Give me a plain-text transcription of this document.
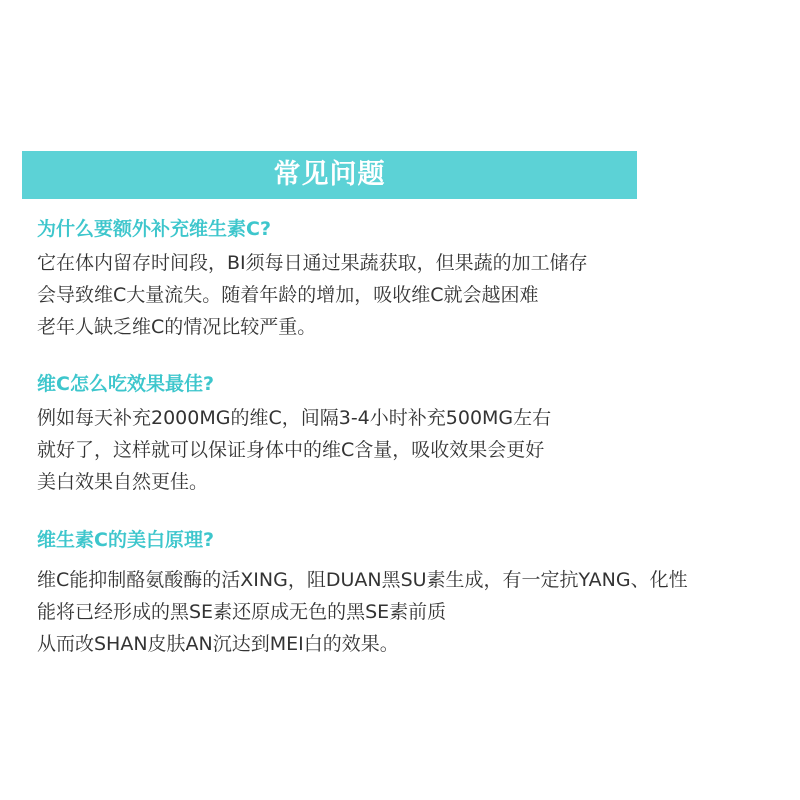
常见问题
为什么要额外补充维生素C?
它在体内留存时间段，BI须每日通过果蔬获取，但果蔬的加工储存
会导致维C大量流失。随着年龄的增加，吸收维C就会越困难
老年人缺乏维C的情况比较严重。
维C怎么吃效果最佳?
例如每天补充2000MG的维C，间隔3-4小时补充500MG左右
就好了，这样就可以保证身体中的维C含量，吸收效果会更好
美白效果自然更佳。
维生素C的美白原理?
维C能抑制酪氨酸酶的活XING，阻DUAN黑SU素生成，有一定抗YANG、化性
能将已经形成的黑SE素还原成无色的黑SE素前质
从而改SHAN皮肤AN沉达到MEI白的效果。
